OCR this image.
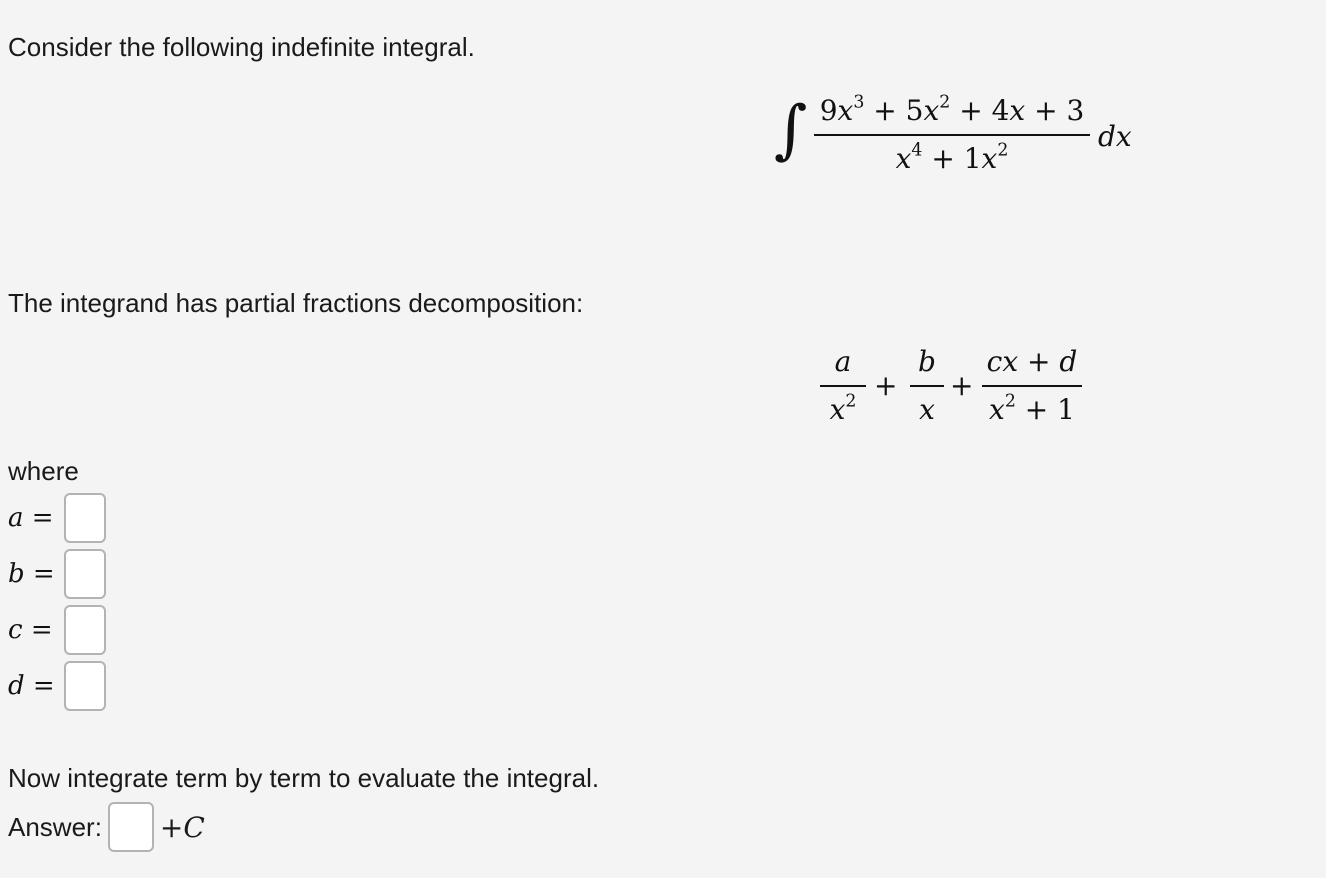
Consider the following indefinite integral.
∫ $9x^3 + 5x^2 + 4x + 3$
$x^4 + 1x^2$	dx
The integrand has partial fractions decomposition:
a
$x^2$ +
b
x
+
cx + d
$x^2 + 1$
where
a =
b =
c =
d =
Now integrate term by term to evaluate the integral.
Answer: +C
